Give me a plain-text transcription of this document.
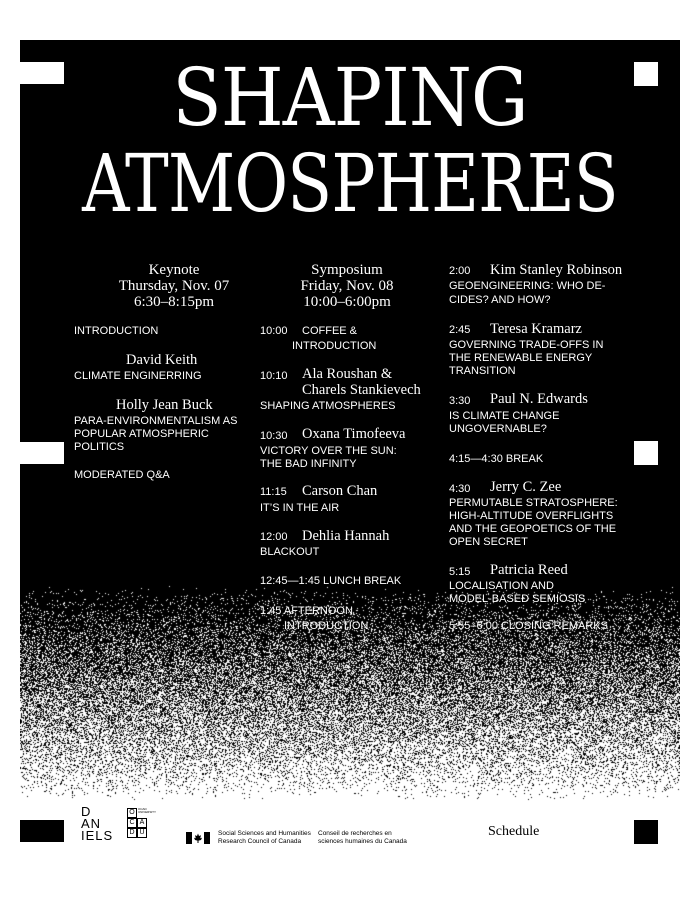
SHAPING
ATMOSPHERES
Keynote
Thursday, Nov. 07
6:30–8:15pm
INTRODUCTION
David Keith
CLIMATE ENGINERRING
Holly Jean Buck
PARA-ENVIRONMENTALISM AS POPULAR ATMOSPHERIC POLITICS
MODERATED Q&A
Symposium
Friday, Nov. 08
10:00–6:00pm
10:00 COFFEE &
INTRODUCTION
10:10 Ala Roushan &
Charels Stankievech
SHAPING ATMOSPHERES
10:30 Oxana Timofeeva
VICTORY OVER THE SUN:
THE BAD INFINITY
11:15 Carson Chan
IT’S IN THE AIR
12:00 Dehlia Hannah
BLACKOUT
12:45—1:45 LUNCH BREAK
1:45 AFTERNOON
INTRODUCTION
2:00 Kim Stanley Robinson
GEOENGINEERING: WHO DE-
CIDES? AND HOW?
2:45 Teresa Kramarz
GOVERNING TRADE-OFFS IN
THE RENEWABLE ENERGY
TRANSITION
3:30 Paul N. Edwards
IS CLIMATE CHANGE
UNGOVERNABLE?
4:15—4:30 BREAK
4:30 Jerry C. Zee
PERMUTABLE STRATOSPHERE:
HIGH-ALTITUDE OVERFLIGHTS
AND THE GEOPOETICS OF THE
OPEN SECRET
5:15 Patricia Reed
LOCALISATION AND
MODEL-BASED SEMIOSIS
5:55–6:00 CLOSING REMARKS
D
AN
IELS
O
C A
D U
OCAD UNIVERSITY
Social Sciences and Humanities
Research Council of Canada
Conseil de recherches en
sciences humaines du Canada
Schedule
